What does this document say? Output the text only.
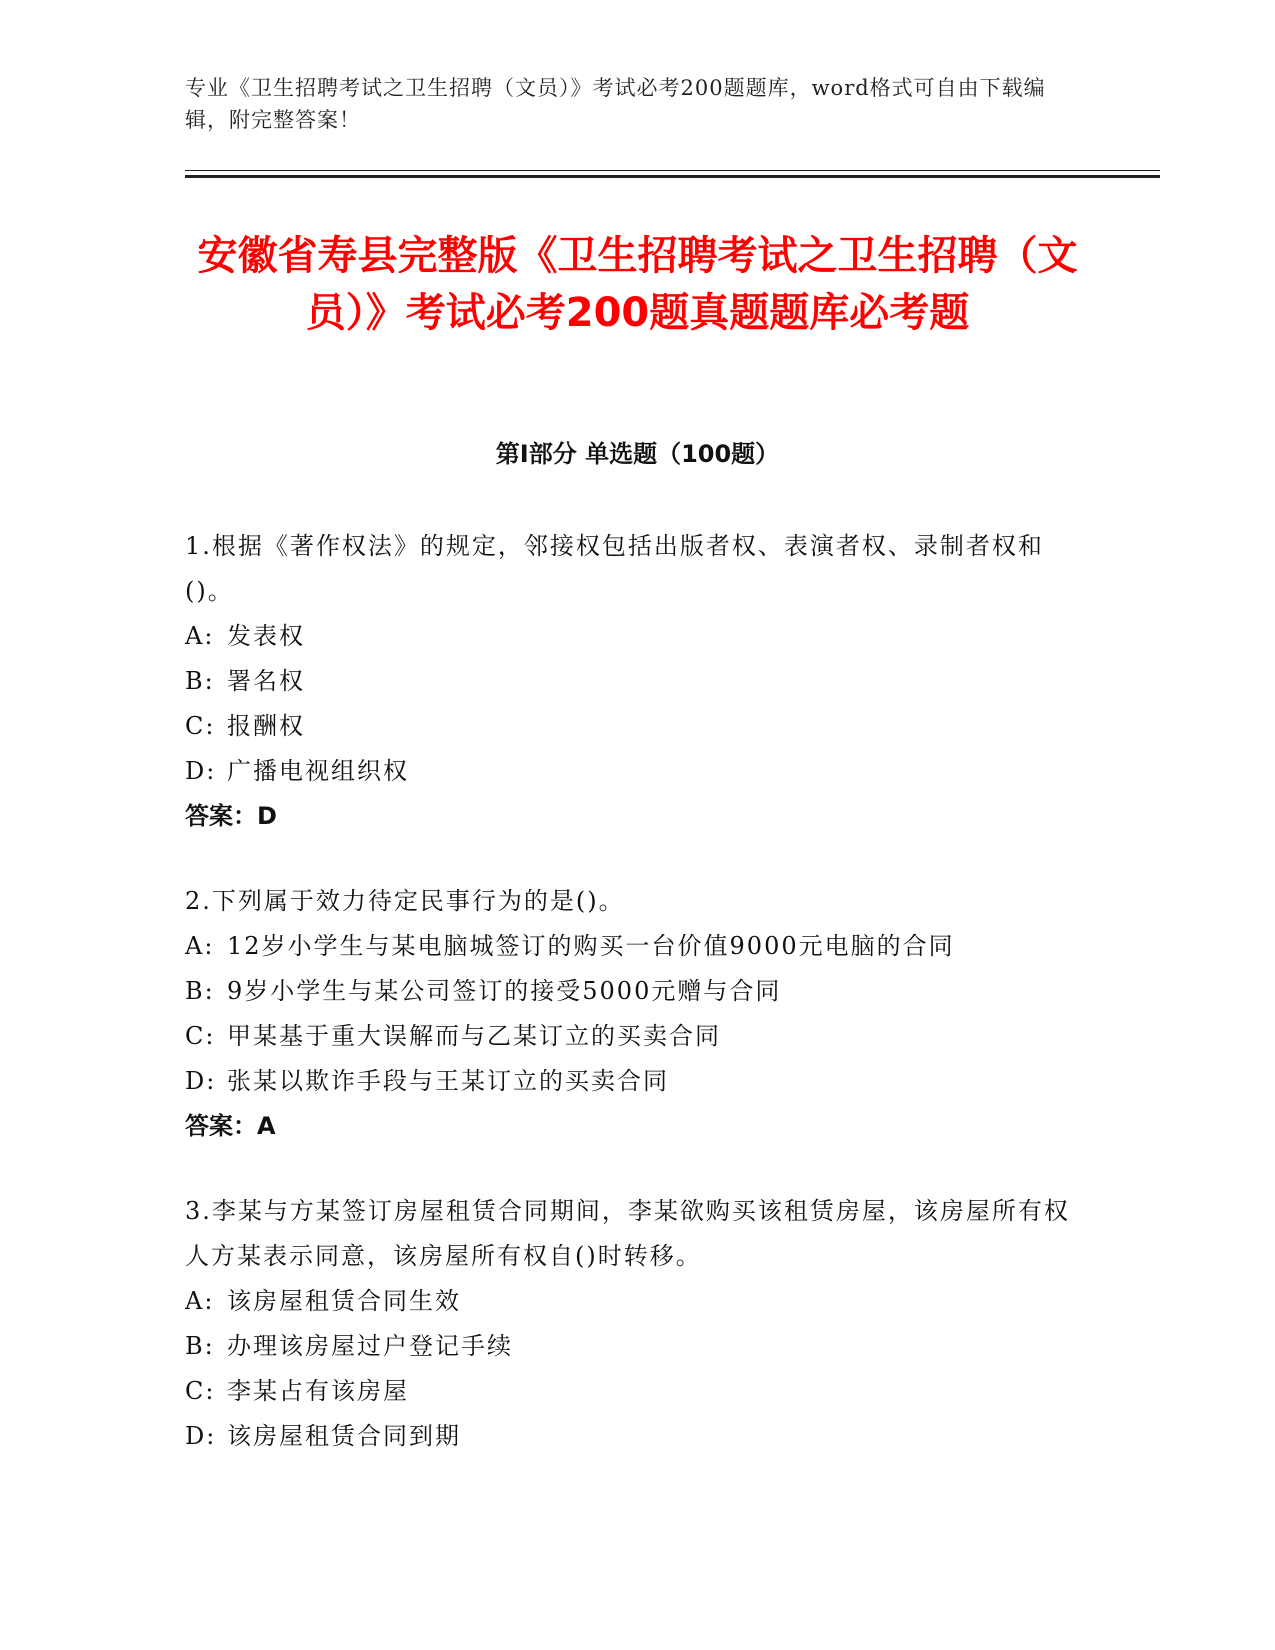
专业《卫生招聘考试之卫生招聘（文员）》考试必考200题题库，word格式可自由下载编辑，附完整答案！
安徽省寿县完整版《卫生招聘考试之卫生招聘（文员）》考试必考200题真题题库必考题
第I部分 单选题（100题）

1.根据《著作权法》的规定，邻接权包括出版者权、表演者权、录制者权和()。

A: 发表权

B: 署名权

C: 报酬权

D: 广播电视组织权

答案：D

2.下列属于效力待定民事行为的是()。

A: 12岁小学生与某电脑城签订的购买一台价值9000元电脑的合同

B: 9岁小学生与某公司签订的接受5000元赠与合同

C: 甲某基于重大误解而与乙某订立的买卖合同

D: 张某以欺诈手段与王某订立的买卖合同

答案：A

3.李某与方某签订房屋租赁合同期间，李某欲购买该租赁房屋，该房屋所有权人方某表示同意，该房屋所有权自()时转移。

A: 该房屋租赁合同生效

B: 办理该房屋过户登记手续

C: 李某占有该房屋

D: 该房屋租赁合同到期
